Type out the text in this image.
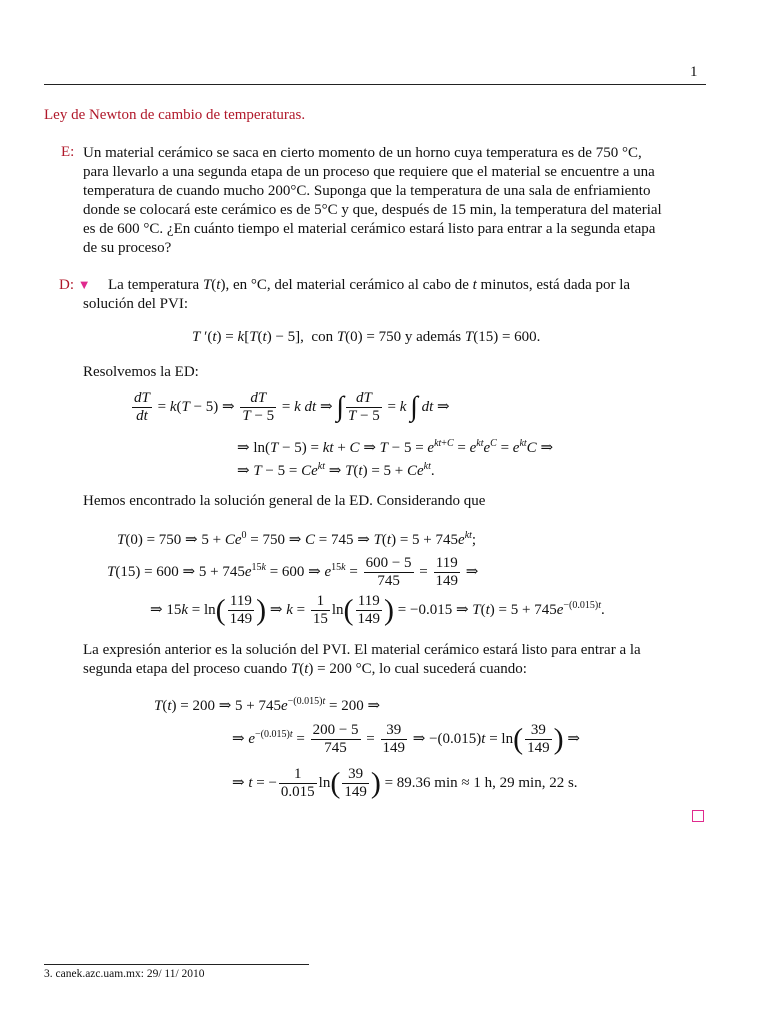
1
Ley de Newton de cambio de temperaturas.
E: Un material cerámico se saca en cierto momento de un horno cuya temperatura es de 750 °C,
para llevarlo a una segunda etapa de un proceso que requiere que el material se encuentre a una
temperatura de cuando mucho 200°C. Suponga que la temperatura de una sala de enfriamiento
donde se colocará este cerámico es de 5°C y que, después de 15 min, la temperatura del material
es de 600 °C. ¿En cuánto tiempo el material cerámico estará listo para entrar a la segunda etapa
de su proceso?
D: ▼ La temperatura T(t), en °C, del material cerámico al cabo de t minutos, está dada por la
solución del PVI:
T ′(t) = k[T(t) − 5],  con T(0) = 750 y además T(15) = 600.
Resolvemos la ED:
$\frac{dT}{dt} = k(T - 5)$ ⇒ $\frac{dT}{T - 5} = k$ dt ⇒ ∫ $\frac{dT}{T - 5} = k$ ∫ dt ⇒
⇒ ln(T − 5) = kt + C ⇒ $T - 5 = e^{kt+C} = e^{kt}e^C = e^{kt}C$ ⇒
⇒ $T - 5 = Ce^{kt}$ ⇒ $T(t) = 5 + Ce^{kt}$.
Hemos encontrado la solución general de la ED. Considerando que
T(0) = 750 ⇒ $5 + Ce^0 = 750$ ⇒ C = 745 ⇒ $T(t) = 5 + 745e^{kt}$;
T(15) = 600 ⇒ $5 + 745e^{15k} = 600$ ⇒ $e^{15k} = \frac{600 - 5}{745} = \frac{119}{149}$ ⇒
⇒ $15k = \ln( \frac{119}{149}$ ) ⇒ $k = \frac{1}{15} \ln( \frac{119}{149}$ ) = −0.015 ⇒ $T(t) = 5 + 745e^{-(0.015)t}$.
La expresión anterior es la solución del PVI. El material cerámico estará listo para entrar a la
segunda etapa del proceso cuando T(t) = 200 °C, lo cual sucederá cuando:
T(t) = 200 ⇒ $5 + 745e^{-(0.015)t} = 200$ ⇒
⇒ $e^{-(0.015)t} = \frac{200 - 5}{745} = \frac{39}{149}$ ⇒ $-(0.015)t = \ln( \frac{39}{149}$ ) ⇒
⇒ t = − $\frac{1}{0.015} \ln( \frac{39}{149}$ ) = 89.36 min ≈ 1 h, 29 min, 22 s.
3. canek.azc.uam.mx: 29/ 11/ 2010
